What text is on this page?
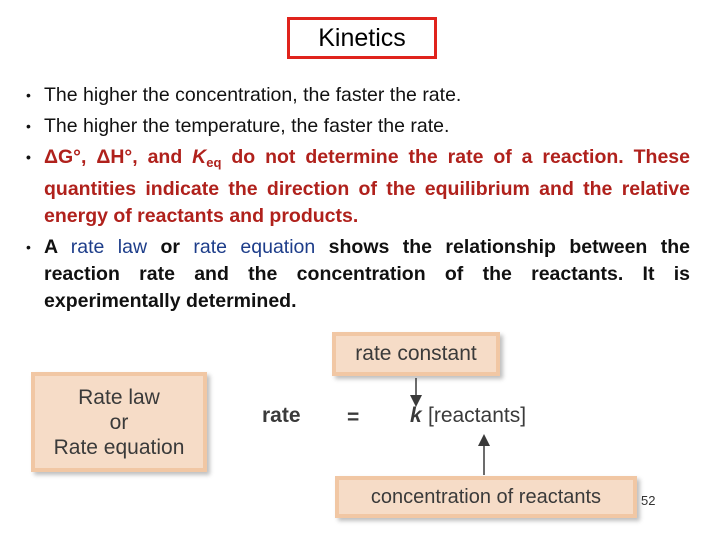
Kinetics
• The higher the concentration, the faster the rate.
• The higher the temperature, the faster the rate.
• ΔG°, ΔH°, and $K_{eq}$ do not determine the rate of a reaction. These quantities indicate the direction of the equilibrium and the relative energy of reactants and products.
• A rate law or rate equation shows the relationship between the reaction rate and the concentration of the reactants. It is experimentally determined.
Rate law
or
Rate equation
rate constant
concentration of reactants
rate = k [reactants]
52
